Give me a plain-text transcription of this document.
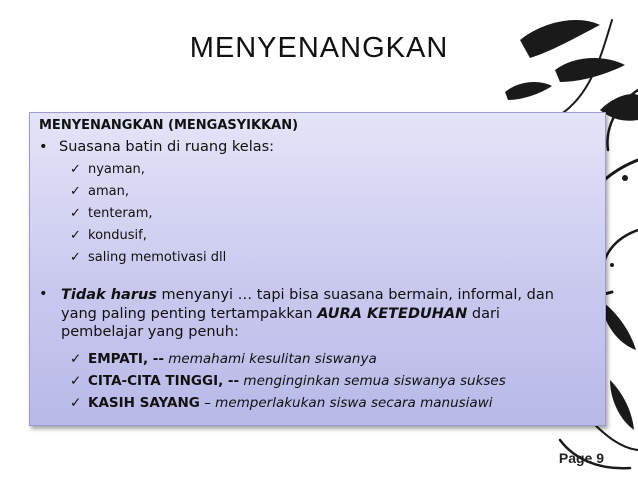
MENYENANGKAN
MENYENANGKAN (MENGASYIKKAN)
• Suasana batin di ruang kelas:
✓ nyaman,
✓ aman,
✓ tenteram,
✓ kondusif,
✓ saling memotivasi dll
• Tidak harus menyanyi … tapi bisa suasana bermain, informal, dan
yang paling penting tertampakkan AURA KETEDUHAN dari
pembelajar yang penuh:
✓ EMPATI, -- memahami kesulitan siswanya
✓ CITA-CITA TINGGI, -- menginginkan semua siswanya sukses
✓ KASIH SAYANG – memperlakukan siswa secara manusiawi
Page 9
